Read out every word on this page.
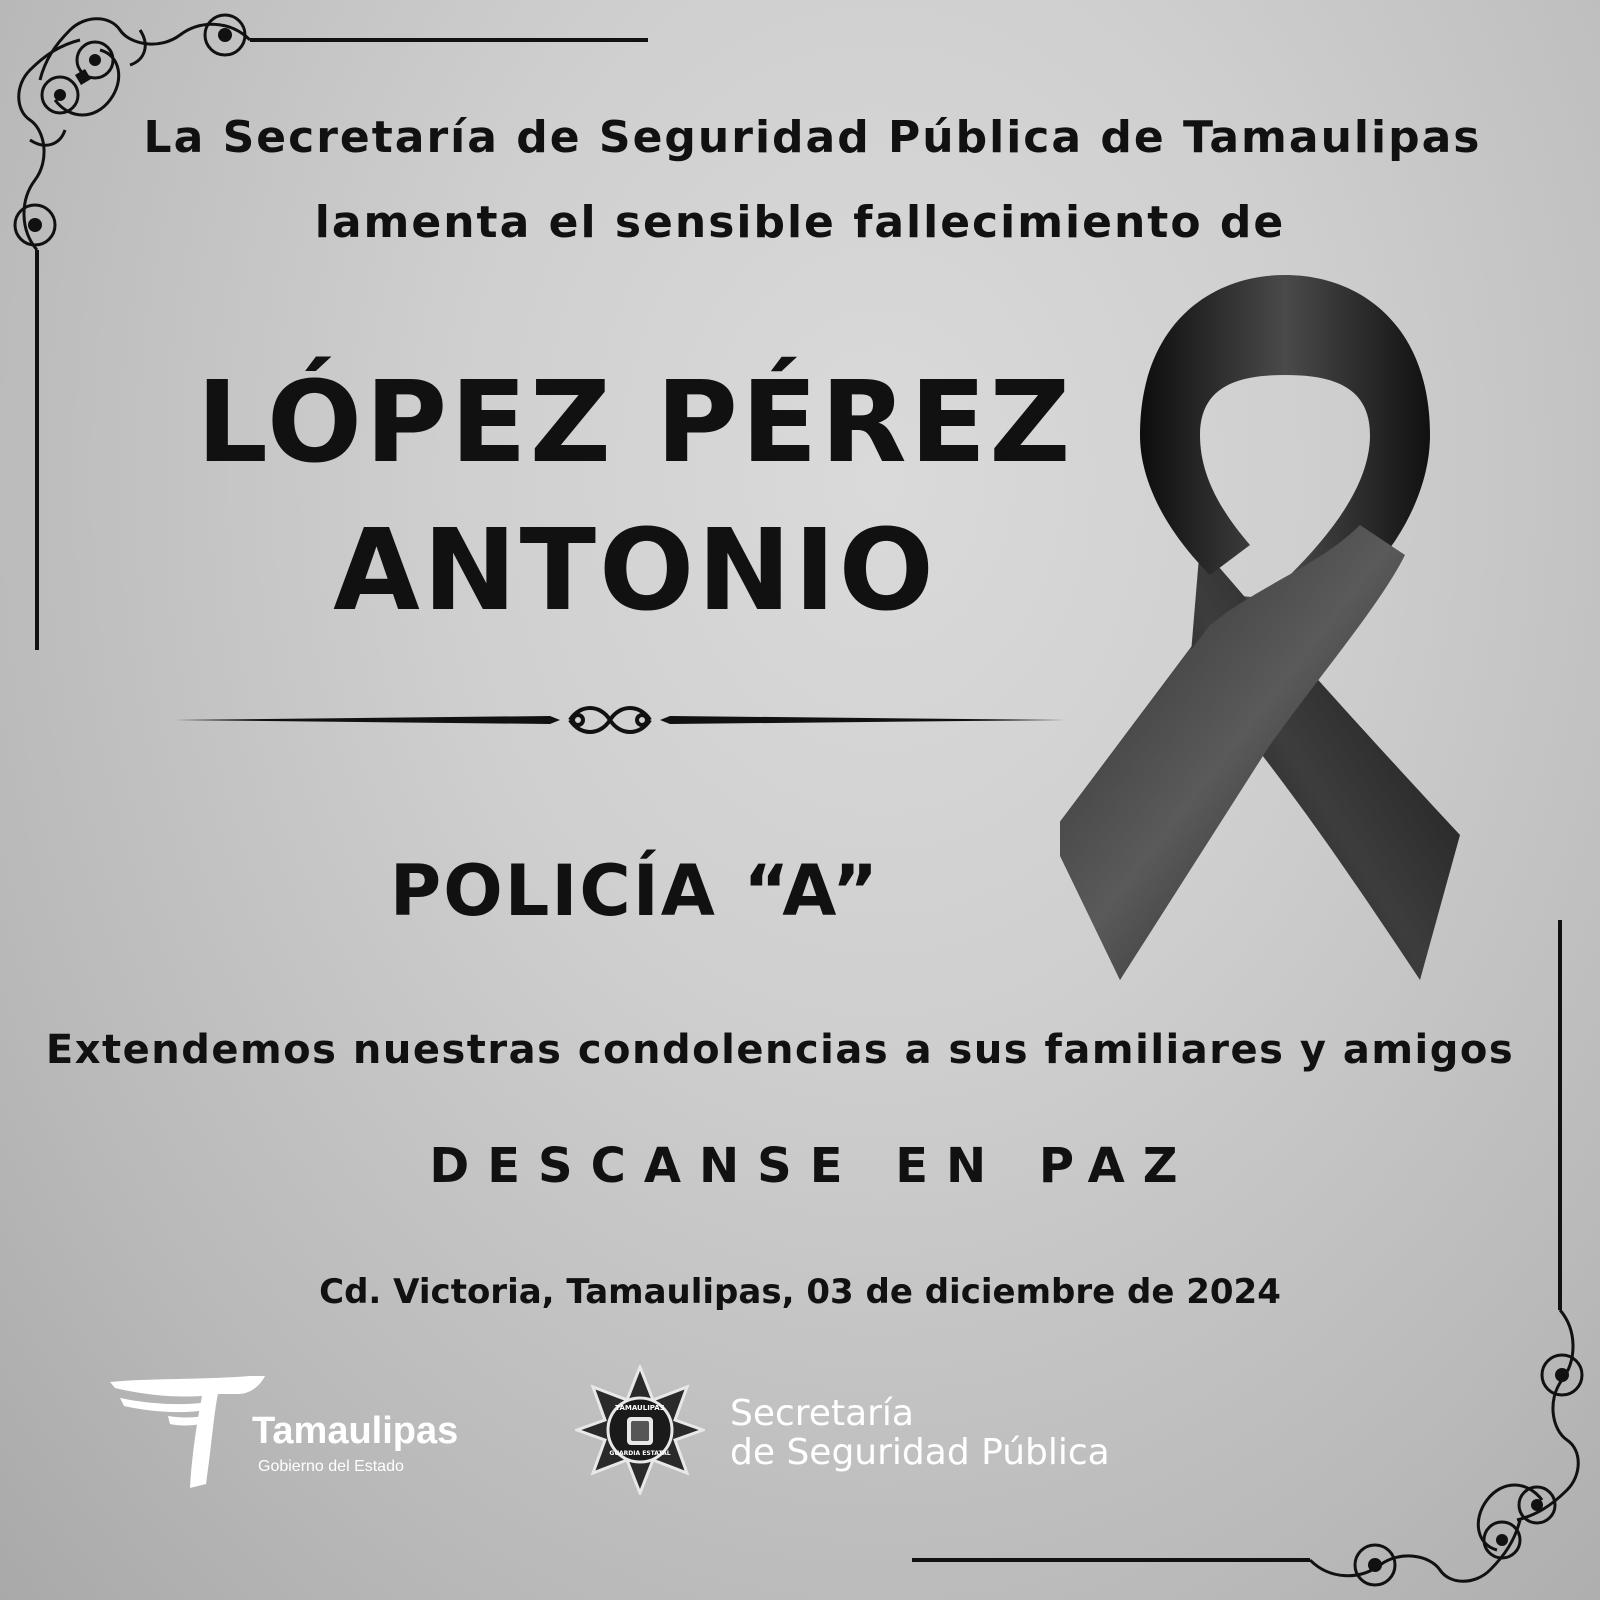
La Secretaría de Seguridad Pública de Tamaulipas
lamenta el sensible fallecimiento de
LÓPEZ PÉREZ
ANTONIO
POLICÍA “A”
Extendemos nuestras condolencias a sus familiares y amigos
DESCANSE EN PAZ
Cd. Victoria, Tamaulipas, 03 de diciembre de 2024
Tamaulipas
Gobierno del Estado
TAMAULIPAS
GUARDIA ESTATAL
Secretaría
de Seguridad Pública
